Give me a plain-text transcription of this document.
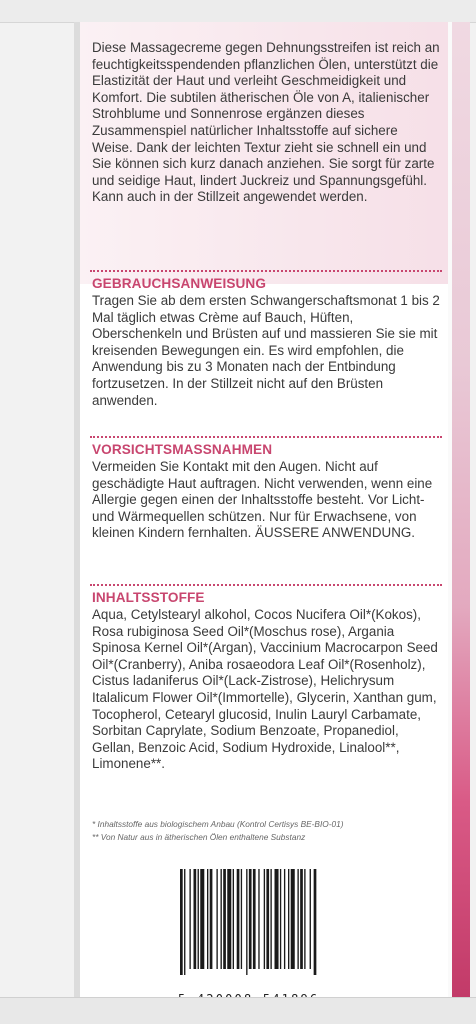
Diese Massagecreme gegen Dehnungsstreifen ist reich an feuchtigkeitsspendenden pflanzlichen Ölen, unterstützt die Elastizität der Haut und verleiht Geschmeidigkeit und Komfort. Die subtilen ätherischen Öle von A, italienischer Strohblume und Sonnenrose ergänzen dieses Zusammenspiel natürlicher Inhaltsstoffe auf sichere Weise. Dank der leichten Textur zieht sie schnell ein und Sie können sich kurz danach anziehen. Sie sorgt für zarte und seidige Haut, lindert Juckreiz und Spannungsgefühl. Kann auch in der Stillzeit angewendet werden.

GEBRAUCHSANWEISUNG

Tragen Sie ab dem ersten Schwangerschaftsmonat 1 bis 2 Mal täglich etwas Crème auf Bauch, Hüften, Oberschenkeln und Brüsten auf und massieren Sie sie mit kreisenden Bewegungen ein. Es wird empfohlen, die Anwendung bis zu 3 Monaten nach der Entbindung fortzusetzen. In der Stillzeit nicht auf den Brüsten anwenden.

VORSICHTSMASSNAHMEN

Vermeiden Sie Kontakt mit den Augen. Nicht auf geschädigte Haut auftragen. Nicht verwenden, wenn eine Allergie gegen einen der Inhaltsstoffe besteht. Vor Licht-und Wärmequellen schützen. Nur für Erwachsene, von kleinen Kindern fernhalten. ÄUSSERE ANWENDUNG.

INHALTSSTOFFE

Aqua, Cetylstearyl alkohol, Cocos Nucifera Oil*(Kokos), Rosa rubiginosa Seed Oil*(Moschus rose), Argania Spinosa Kernel Oil*(Argan), Vaccinium Macrocarpon Seed Oil*(Cranberry), Aniba rosaeodora Leaf Oil*(Rosenholz), Cistus ladaniferus Oil*(Lack-Zistrose), Helichrysum Italalicum Flower Oil*(Immortelle), Glycerin, Xanthan gum, Tocopherol, Cetearyl glucosid, Inulin Lauryl Carbamate, Sorbitan Caprylate, Sodium Benzoate, Propanediol, Gellan, Benzoic Acid, Sodium Hydroxide, Linalool**, Limonene**.

* Inhaltsstoffe aus biologischem Anbau (Kontrol Certisys BE-BIO-01)

** Von Natur aus in ätherischen Ölen enthaltene Substanz
